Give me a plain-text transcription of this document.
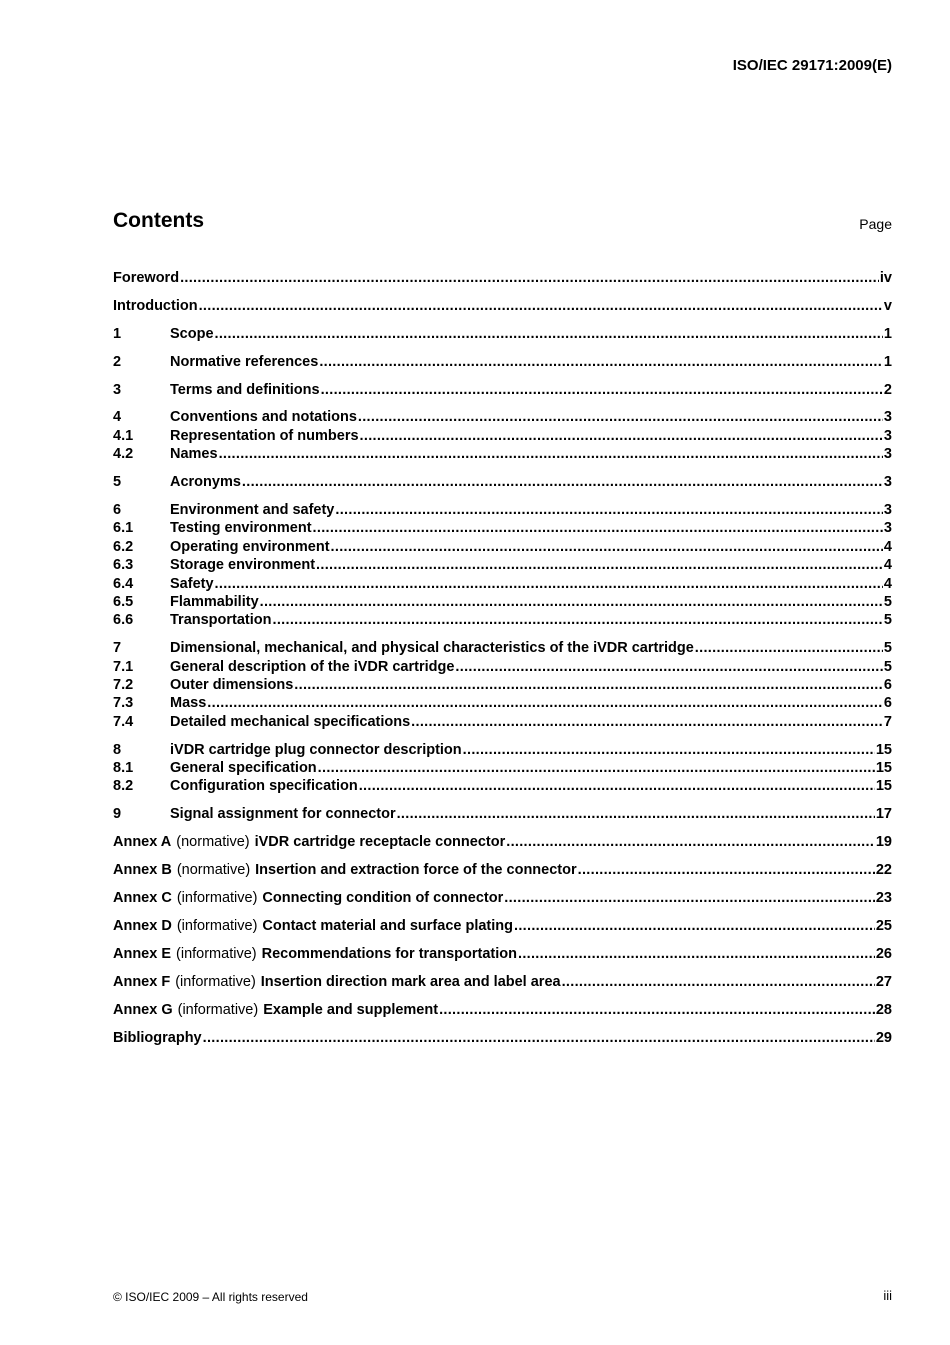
ISO/IEC 29171:2009(E)
Contents	Page
Foreword .....	iv
Introduction .....	v
1	Scope .....	1
2	Normative references .....	1
3	Terms and definitions .....	2
4	Conventions and notations .....	3
4.1	Representation of numbers .....	3
4.2	Names .....	3
5	Acronyms .....	3
6	Environment and safety .....	3
6.1	Testing environment .....	3
6.2	Operating environment .....	4
6.3	Storage environment .....	4
6.4	Safety .....	4
6.5	Flammability .....	5
6.6	Transportation .....	5
7	Dimensional, mechanical, and physical characteristics of the iVDR cartridge .....	5
7.1	General description of the iVDR cartridge .....	5
7.2	Outer dimensions .....	6
7.3	Mass .....	6
7.4	Detailed mechanical specifications .....	7
8	iVDR cartridge plug connector description .....	15
8.1	General specification .....	15
8.2	Configuration specification .....	15
9	Signal assignment for connector .....	17
Annex A (normative) iVDR cartridge receptacle connector .....	19
Annex B (normative) Insertion and extraction force of the connector .....	22
Annex C (informative) Connecting condition of connector .....	23
Annex D (informative) Contact material and surface plating .....	25
Annex E (informative) Recommendations for transportation .....	26
Annex F (informative) Insertion direction mark area and label area .....	27
Annex G (informative) Example and supplement .....	28
Bibliography .....	29
© ISO/IEC 2009 – All rights reserved	iii
